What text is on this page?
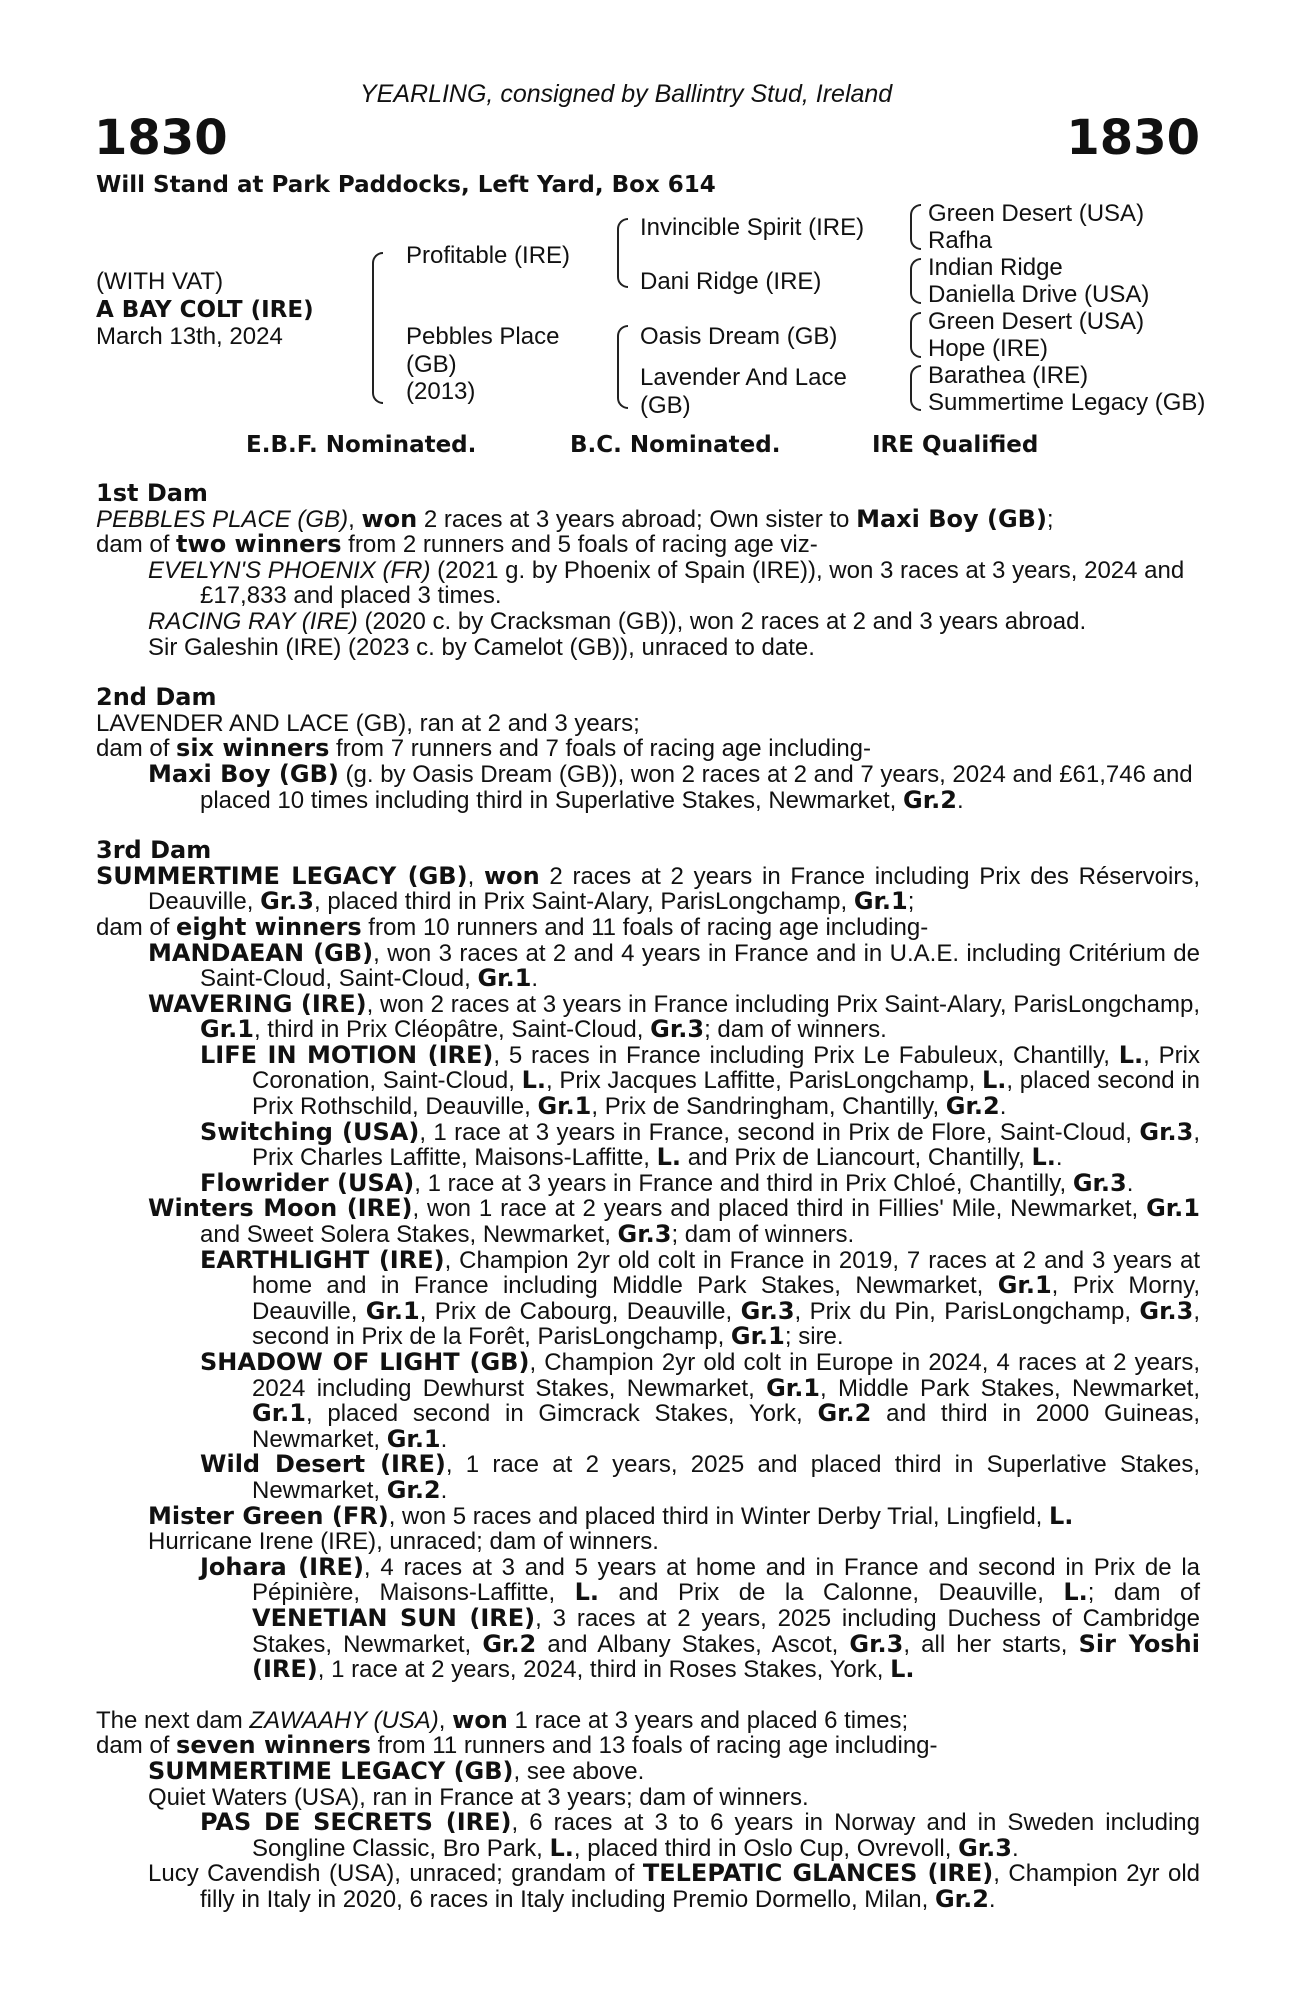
YEARLING, consigned by Ballintry Stud, Ireland
1830	1830
Will Stand at Park Paddocks, Left Yard, Box 614
(WITH VAT)
A BAY COLT (IRE)
March 13th, 2024
Profitable (IRE)
Pebbles Place
(GB)
(2013)
Invincible Spirit (IRE)
Dani Ridge (IRE)
Oasis Dream (GB)
Lavender And Lace
(GB)
Green Desert (USA)
Rafha
Indian Ridge
Daniella Drive (USA)
Green Desert (USA)
Hope (IRE)
Barathea (IRE)
Summertime Legacy (GB)
E.B.F. Nominated.	B.C. Nominated.	IRE Qualified

1st Dam

PEBBLES PLACE (GB), won 2 races at 3 years abroad; Own sister to Maxi Boy (GB);

dam of two winners from 2 runners and 5 foals of racing age viz-

EVELYN'S PHOENIX (FR) (2021 g. by Phoenix of Spain (IRE)), won 3 races at 3 years, 2024 and £17,833 and placed 3 times.

RACING RAY (IRE) (2020 c. by Cracksman (GB)), won 2 races at 2 and 3 years abroad.

Sir Galeshin (IRE) (2023 c. by Camelot (GB)), unraced to date.

2nd Dam

LAVENDER AND LACE (GB), ran at 2 and 3 years;

dam of six winners from 7 runners and 7 foals of racing age including-

Maxi Boy (GB) (g. by Oasis Dream (GB)), won 2 races at 2 and 7 years, 2024 and £61,746 and placed 10 times including third in Superlative Stakes, Newmarket, Gr.2.

3rd Dam

SUMMERTIME LEGACY (GB), won 2 races at 2 years in France including Prix des Réservoirs, Deauville, Gr.3, placed third in Prix Saint-Alary, ParisLongchamp, Gr.1;

dam of eight winners from 10 runners and 11 foals of racing age including-

MANDAEAN (GB), won 3 races at 2 and 4 years in France and in U.A.E. including Critérium de Saint-Cloud, Saint-Cloud, Gr.1.

WAVERING (IRE), won 2 races at 3 years in France including Prix Saint-Alary, ParisLongchamp, Gr.1, third in Prix Cléopâtre, Saint-Cloud, Gr.3; dam of winners.

LIFE IN MOTION (IRE), 5 races in France including Prix Le Fabuleux, Chantilly, L., Prix Coronation, Saint-Cloud, L., Prix Jacques Laffitte, ParisLongchamp, L., placed second in Prix Rothschild, Deauville, Gr.1, Prix de Sandringham, Chantilly, Gr.2.

Switching (USA), 1 race at 3 years in France, second in Prix de Flore, Saint-Cloud, Gr.3, Prix Charles Laffitte, Maisons-Laffitte, L. and Prix de Liancourt, Chantilly, L..

Flowrider (USA), 1 race at 3 years in France and third in Prix Chloé, Chantilly, Gr.3.

Winters Moon (IRE), won 1 race at 2 years and placed third in Fillies' Mile, Newmarket, Gr.1 and Sweet Solera Stakes, Newmarket, Gr.3; dam of winners.

EARTHLIGHT (IRE), Champion 2yr old colt in France in 2019, 7 races at 2 and 3 years at home and in France including Middle Park Stakes, Newmarket, Gr.1, Prix Morny, Deauville, Gr.1, Prix de Cabourg, Deauville, Gr.3, Prix du Pin, ParisLongchamp, Gr.3, second in Prix de la Forêt, ParisLongchamp, Gr.1; sire.

SHADOW OF LIGHT (GB), Champion 2yr old colt in Europe in 2024, 4 races at 2 years, 2024 including Dewhurst Stakes, Newmarket, Gr.1, Middle Park Stakes, Newmarket, Gr.1, placed second in Gimcrack Stakes, York, Gr.2 and third in 2000 Guineas, Newmarket, Gr.1.

Wild Desert (IRE), 1 race at 2 years, 2025 and placed third in Superlative Stakes, Newmarket, Gr.2.

Mister Green (FR), won 5 races and placed third in Winter Derby Trial, Lingfield, L.

Hurricane Irene (IRE), unraced; dam of winners.

Johara (IRE), 4 races at 3 and 5 years at home and in France and second in Prix de la Pépinière, Maisons-Laffitte, L. and Prix de la Calonne, Deauville, L.; dam of VENETIAN SUN (IRE), 3 races at 2 years, 2025 including Duchess of Cambridge Stakes, Newmarket, Gr.2 and Albany Stakes, Ascot, Gr.3, all her starts, Sir Yoshi (IRE), 1 race at 2 years, 2024, third in Roses Stakes, York, L.

The next dam ZAWAAHY (USA), won 1 race at 3 years and placed 6 times;

dam of seven winners from 11 runners and 13 foals of racing age including-

SUMMERTIME LEGACY (GB), see above.

Quiet Waters (USA), ran in France at 3 years; dam of winners.

PAS DE SECRETS (IRE), 6 races at 3 to 6 years in Norway and in Sweden including Songline Classic, Bro Park, L., placed third in Oslo Cup, Ovrevoll, Gr.3.

Lucy Cavendish (USA), unraced; grandam of TELEPATIC GLANCES (IRE), Champion 2yr old filly in Italy in 2020, 6 races in Italy including Premio Dormello, Milan, Gr.2.
